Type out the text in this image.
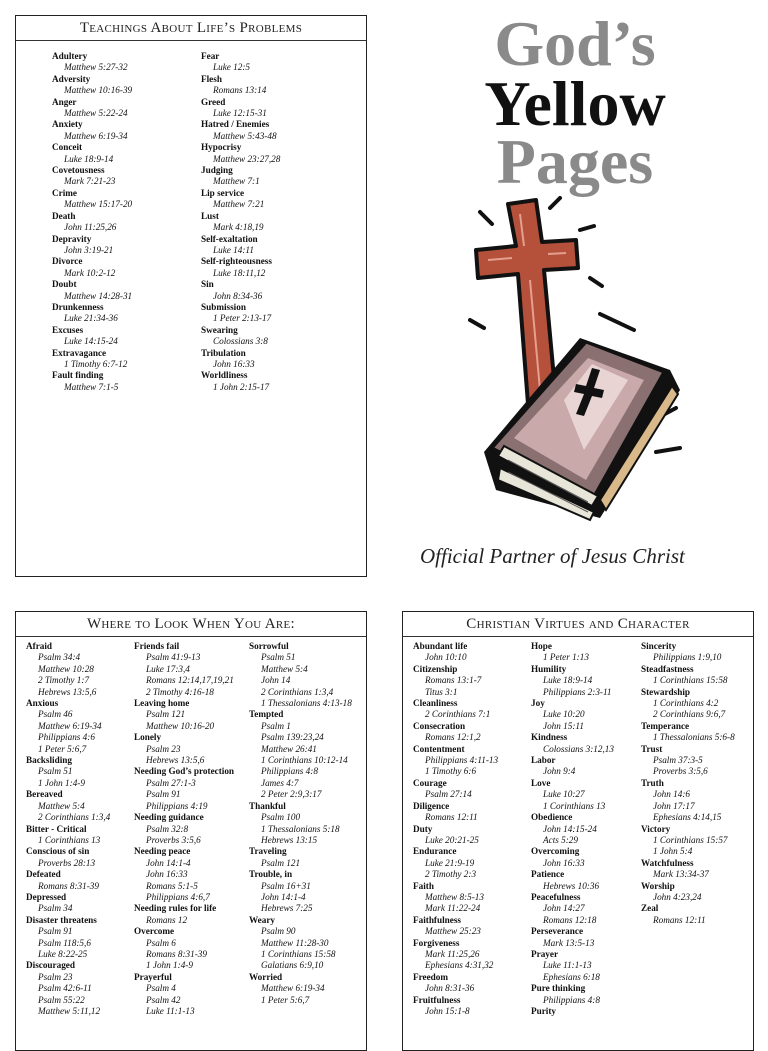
Teachings About Life’s Problems
Adultery
Matthew 5:27-32
Adversity
Matthew 10:16-39
Anger
Matthew 5:22-24
Anxiety
Matthew 6:19-34
Conceit
Luke 18:9-14
Covetousness
Mark 7:21-23
Crime
Matthew 15:17-20
Death
John 11:25,26
Depravity
John 3:19-21
Divorce
Mark 10:2-12
Doubt
Matthew 14:28-31
Drunkenness
Luke 21:34-36
Excuses
Luke 14:15-24
Extravagance
1 Timothy 6:7-12
Fault finding
Matthew 7:1-5
Fear
Luke 12:5
Flesh
Romans 13:14
Greed
Luke 12:15-31
Hatred / Enemies
Matthew 5:43-48
Hypocrisy
Matthew 23:27,28
Judging
Matthew 7:1
Lip service
Matthew 7:21
Lust
Mark 4:18,19
Self-exaltation
Luke 14:11
Self-righteousness
Luke 18:11,12
Sin
John 8:34-36
Submission
1 Peter 2:13-17
Swearing
Colossians 3:8
Tribulation
John 16:33
Worldliness
1 John 2:15-17
God’s
Yellow
Pages
Official Partner of Jesus Christ
Where to Look When You Are:
Afraid
Psalm 34:4
Matthew 10:28
2 Timothy 1:7
Hebrews 13:5,6
Anxious
Psalm 46
Matthew 6:19-34
Philippians 4:6
1 Peter 5:6,7
Backsliding
Psalm 51
1 John 1:4-9
Bereaved
Matthew 5:4
2 Corinthians 1:3,4
Bitter - Critical
1 Corinthians 13
Conscious of sin
Proverbs 28:13
Defeated
Romans 8:31-39
Depressed
Psalm 34
Disaster threatens
Psalm 91
Psalm 118:5,6
Luke 8:22-25
Discouraged
Psalm 23
Psalm 42:6-11
Psalm 55:22
Matthew 5:11,12
Friends fail
Psalm 41:9-13
Luke 17:3,4
Romans 12:14,17,19,21
2 Timothy 4:16-18
Leaving home
Psalm 121
Matthew 10:16-20
Lonely
Psalm 23
Hebrews 13:5,6
Needing God’s protection
Psalm 27:1-3
Psalm 91
Philippians 4:19
Needing guidance
Psalm 32:8
Proverbs 3:5,6
Needing peace
John 14:1-4
John 16:33
Romans 5:1-5
Philippians 4:6,7
Needing rules for life
Romans 12
Overcome
Psalm 6
Romans 8:31-39
1 John 1:4-9
Prayerful
Psalm 4
Psalm 42
Luke 11:1-13
Sorrowful
Psalm 51
Matthew 5:4
John 14
2 Corinthians 1:3,4
1 Thessalonians 4:13-18
Tempted
Psalm 1
Psalm 139:23,24
Matthew 26:41
1 Corinthians 10:12-14
Philippians 4:8
James 4:7
2 Peter 2:9,3:17
Thankful
Psalm 100
1 Thessalonians 5:18
Hebrews 13:15
Traveling
Psalm 121
Trouble, in
Psalm 16+31
John 14:1-4
Hebrews 7:25
Weary
Psalm 90
Matthew 11:28-30
1 Corinthians 15:58
Galatians 6:9,10
Worried
Matthew 6:19-34
1 Peter 5:6,7
Christian Virtues and Character
Abundant life
John 10:10
Citizenship
Romans 13:1-7
Titus 3:1
Cleanliness
2 Corinthians 7:1
Consecration
Romans 12:1,2
Contentment
Philippians 4:11-13
1 Timothy 6:6
Courage
Psalm 27:14
Diligence
Romans 12:11
Duty
Luke 20:21-25
Endurance
Luke 21:9-19
2 Timothy 2:3
Faith
Matthew 8:5-13
Mark 11:22-24
Faithfulness
Matthew 25:23
Forgiveness
Mark 11:25,26
Ephesians 4:31,32
Freedom
John 8:31-36
Fruitfulness
John 15:1-8
Hope
1 Peter 1:13
Humility
Luke 18:9-14
Philippians 2:3-11
Joy
Luke 10:20
John 15:11
Kindness
Colossians 3:12,13
Labor
John 9:4
Love
Luke 10:27
1 Corinthians 13
Obedience
John 14:15-24
Acts 5:29
Overcoming
John 16:33
Patience
Hebrews 10:36
Peacefulness
John 14:27
Romans 12:18
Perseverance
Mark 13:5-13
Prayer
Luke 11:1-13
Ephesians 6:18
Pure thinking
Philippians 4:8
Purity
Sincerity
Philippians 1:9,10
Steadfastness
1 Corinthians 15:58
Stewardship
1 Corinthians 4:2
2 Corinthians 9:6,7
Temperance
1 Thessalonians 5:6-8
Trust
Psalm 37:3-5
Proverbs 3:5,6
Truth
John 14:6
John 17:17
Ephesians 4:14,15
Victory
1 Corinthians 15:57
1 John 5:4
Watchfulness
Mark 13:34-37
Worship
John 4:23,24
Zeal
Romans 12:11
